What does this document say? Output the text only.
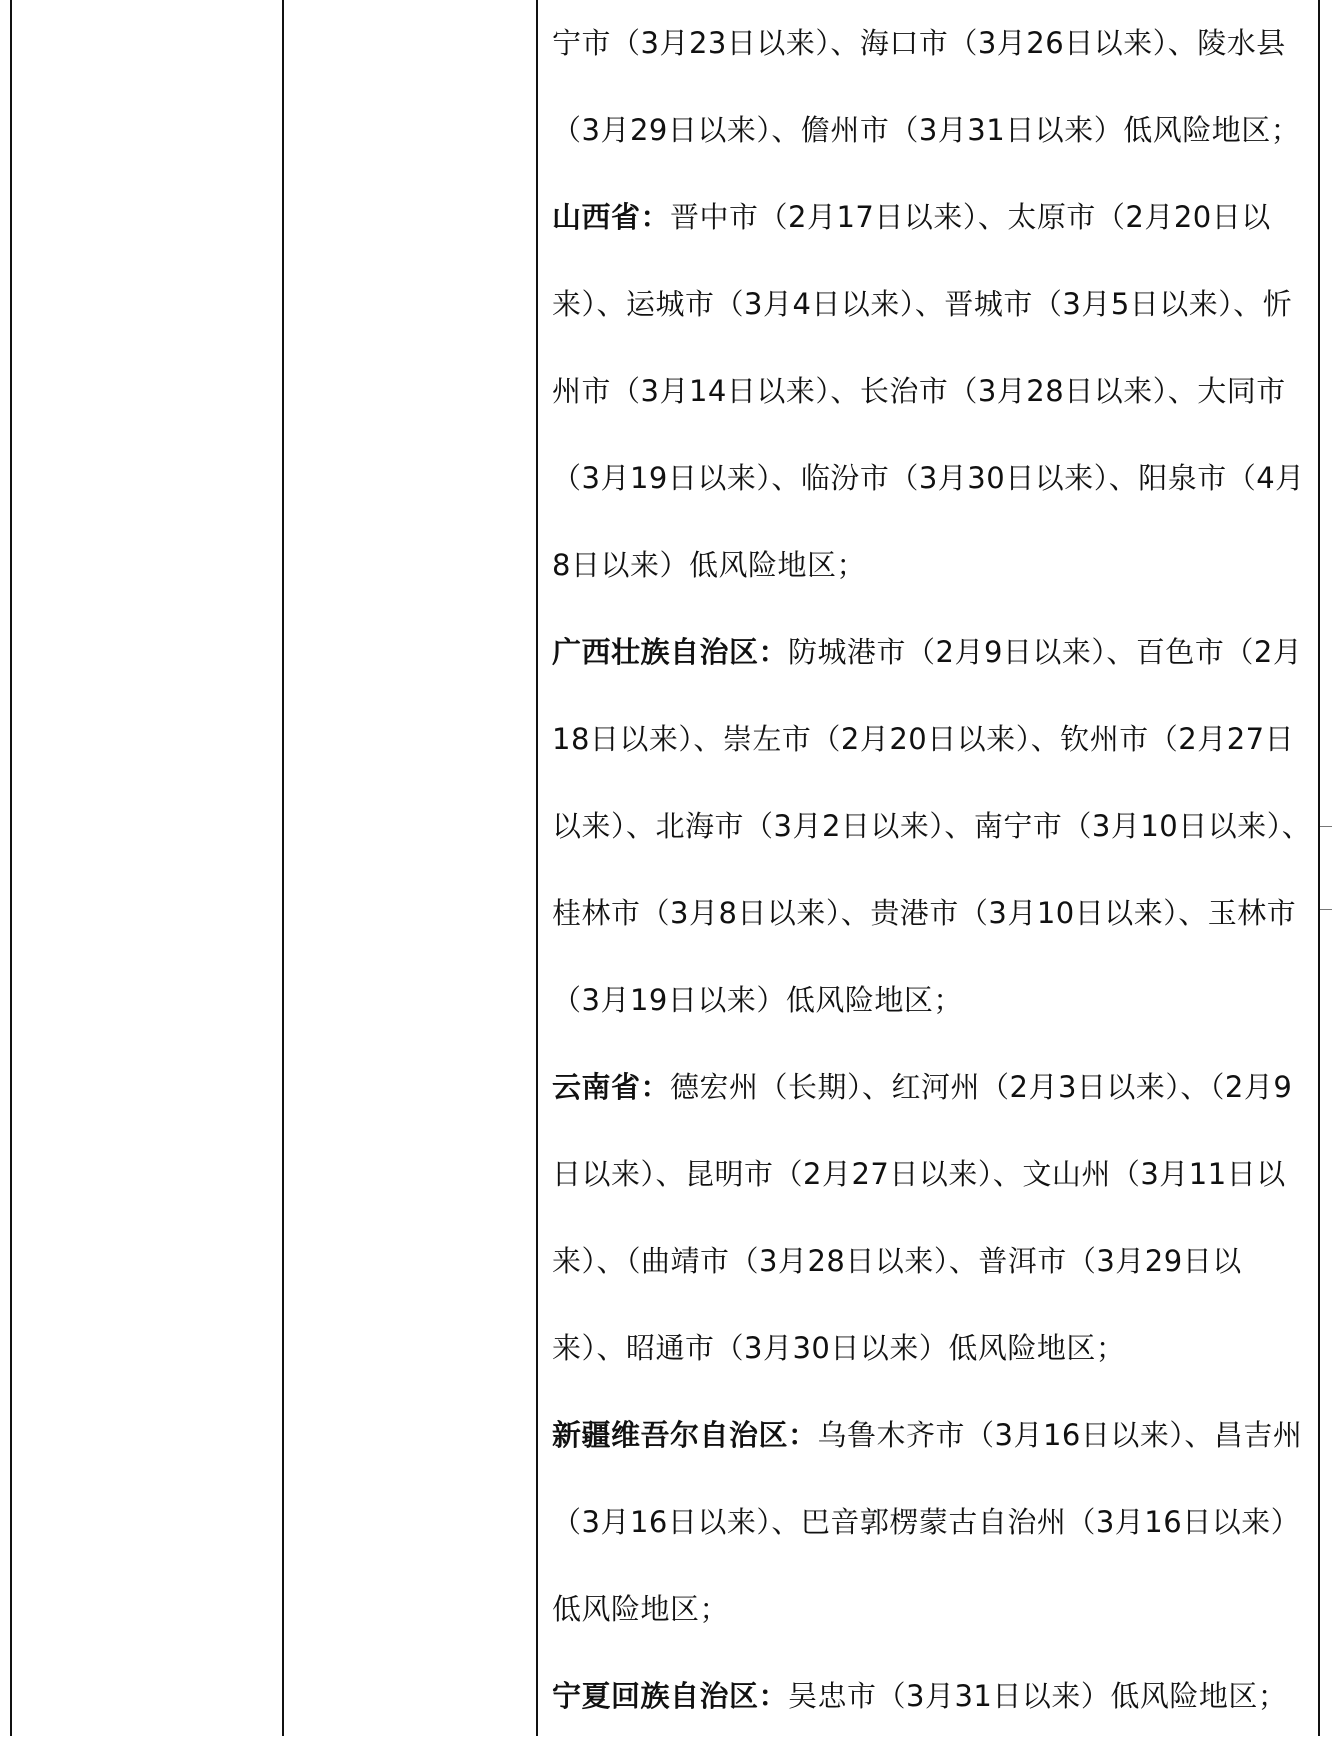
宁市（3月23日以来）、海口市（3月26日以来）、陵水县（3月29日以来）、儋州市（3月31日以来）低风险地区；

山西省：晋中市（2月17日以来）、太原市（2月20日以来）、运城市（3月4日以来）、晋城市（3月5日以来）、忻州市（3月14日以来）、长治市（3月28日以来）、大同市（3月19日以来）、临汾市（3月30日以来）、阳泉市（4月8日以来）低风险地区；

广西壮族自治区：防城港市（2月9日以来）、百色市（2月18日以来）、崇左市（2月20日以来）、钦州市（2月27日以来）、北海市（3月2日以来）、南宁市（3月10日以来）、桂林市（3月8日以来）、贵港市（3月10日以来）、玉林市（3月19日以来）低风险地区；

云南省：德宏州（长期）、红河州（2月3日以来）、（2月9日以来）、昆明市（2月27日以来）、文山州（3月11日以来）、（曲靖市（3月28日以来）、普洱市（3月29日以来）、昭通市（3月30日以来）低风险地区；

新疆维吾尔自治区：乌鲁木齐市（3月16日以来）、昌吉州（3月16日以来）、巴音郭楞蒙古自治州（3月16日以来）低风险地区；

宁夏回族自治区：吴忠市（3月31日以来）低风险地区；
